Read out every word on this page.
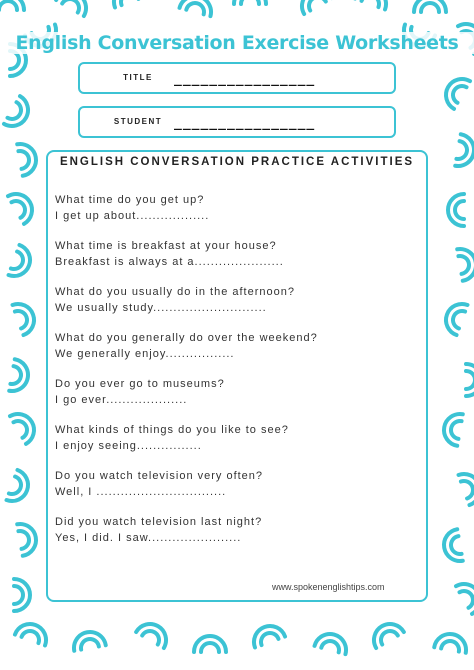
English Conversation Exercise Worksheets
TITLE	________________
STUDENT ________________
ENGLISH CONVERSATION PRACTICE ACTIVITIES
What time do you get up?
I get up about..................
What time is breakfast at your house?
Breakfast is always at a......................
What do you usually do in the afternoon?
We usually study............................
What do you generally do over the weekend?
We generally enjoy.................
Do you ever go to museums?
I go ever....................
What kinds of things do you like to see?
I enjoy seeing................
Do you watch television very often?
Well, I ................................
Did you watch television last night?
Yes, I did. I saw.......................
www.spokenenglishtips.com
